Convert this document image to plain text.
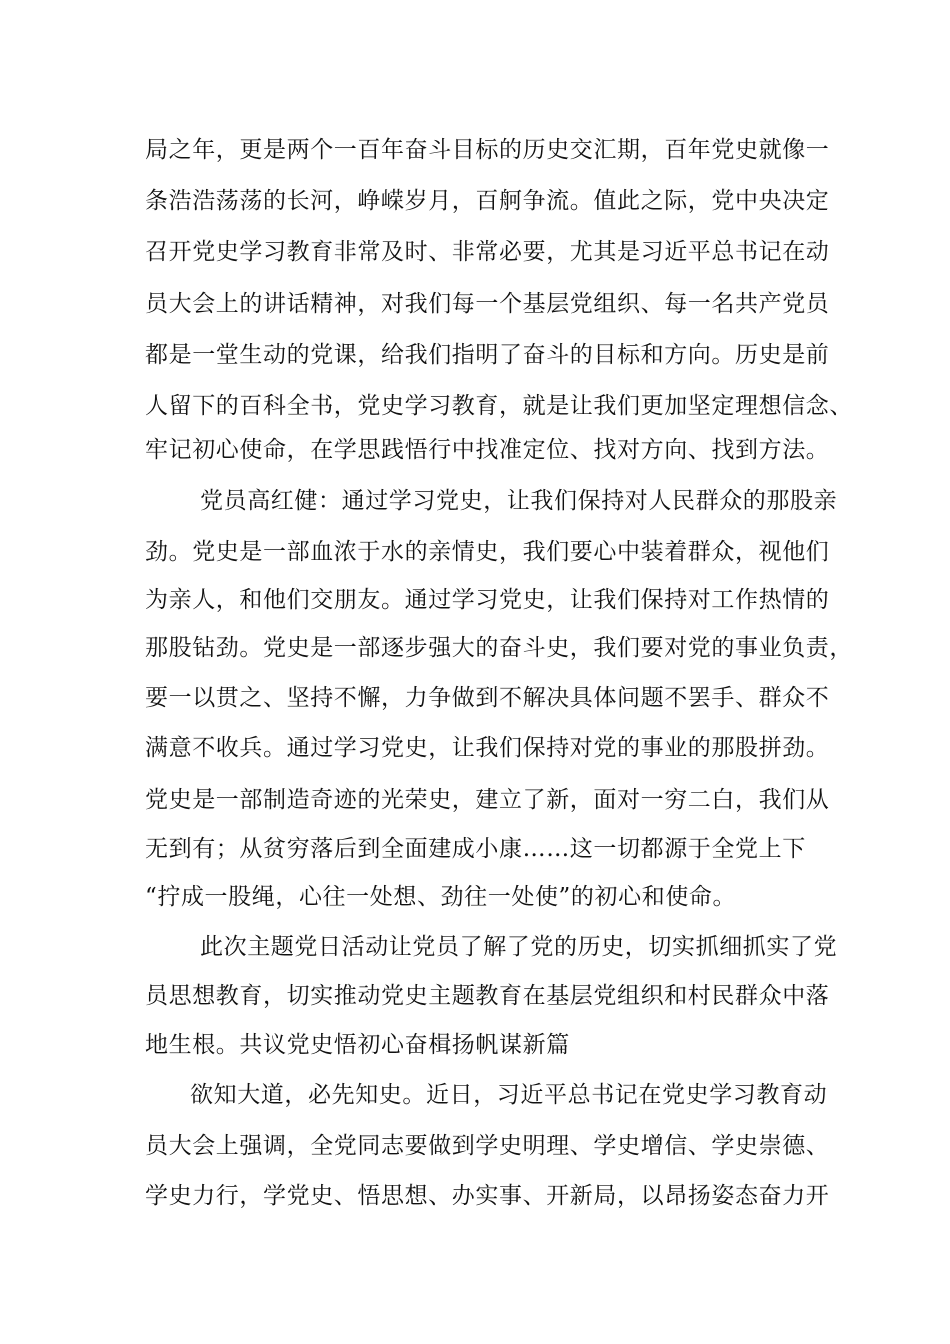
局之年，更是两个一百年奋斗目标的历史交汇期，百年党史就像一
条浩浩荡荡的长河，峥嵘岁月，百舸争流。值此之际，党中央决定
召开党史学习教育非常及时、非常必要，尤其是习近平总书记在动
员大会上的讲话精神，对我们每一个基层党组织、每一名共产党员
都是一堂生动的党课，给我们指明了奋斗的目标和方向。历史是前
人留下的百科全书，党史学习教育，就是让我们更加坚定理想信念、
牢记初心使命，在学思践悟行中找准定位、找对方向、找到方法。
党员高红健：通过学习党史，让我们保持对人民群众的那股亲
劲。党史是一部血浓于水的亲情史，我们要心中装着群众，视他们
为亲人，和他们交朋友。通过学习党史，让我们保持对工作热情的
那股钻劲。党史是一部逐步强大的奋斗史，我们要对党的事业负责，
要一以贯之、坚持不懈，力争做到不解决具体问题不罢手、群众不
满意不收兵。通过学习党史，让我们保持对党的事业的那股拼劲。
党史是一部制造奇迹的光荣史，建立了新，面对一穷二白，我们从
无到有；从贫穷落后到全面建成小康……这一切都源于全党上下
“拧成一股绳，心往一处想、劲往一处使”的初心和使命。
此次主题党日活动让党员了解了党的历史，切实抓细抓实了党
员思想教育，切实推动党史主题教育在基层党组织和村民群众中落
地生根。共议党史悟初心奋楫扬帆谋新篇
欲知大道，必先知史。近日，习近平总书记在党史学习教育动
员大会上强调，全党同志要做到学史明理、学史增信、学史崇德、
学史力行，学党史、悟思想、办实事、开新局，以昂扬姿态奋力开
